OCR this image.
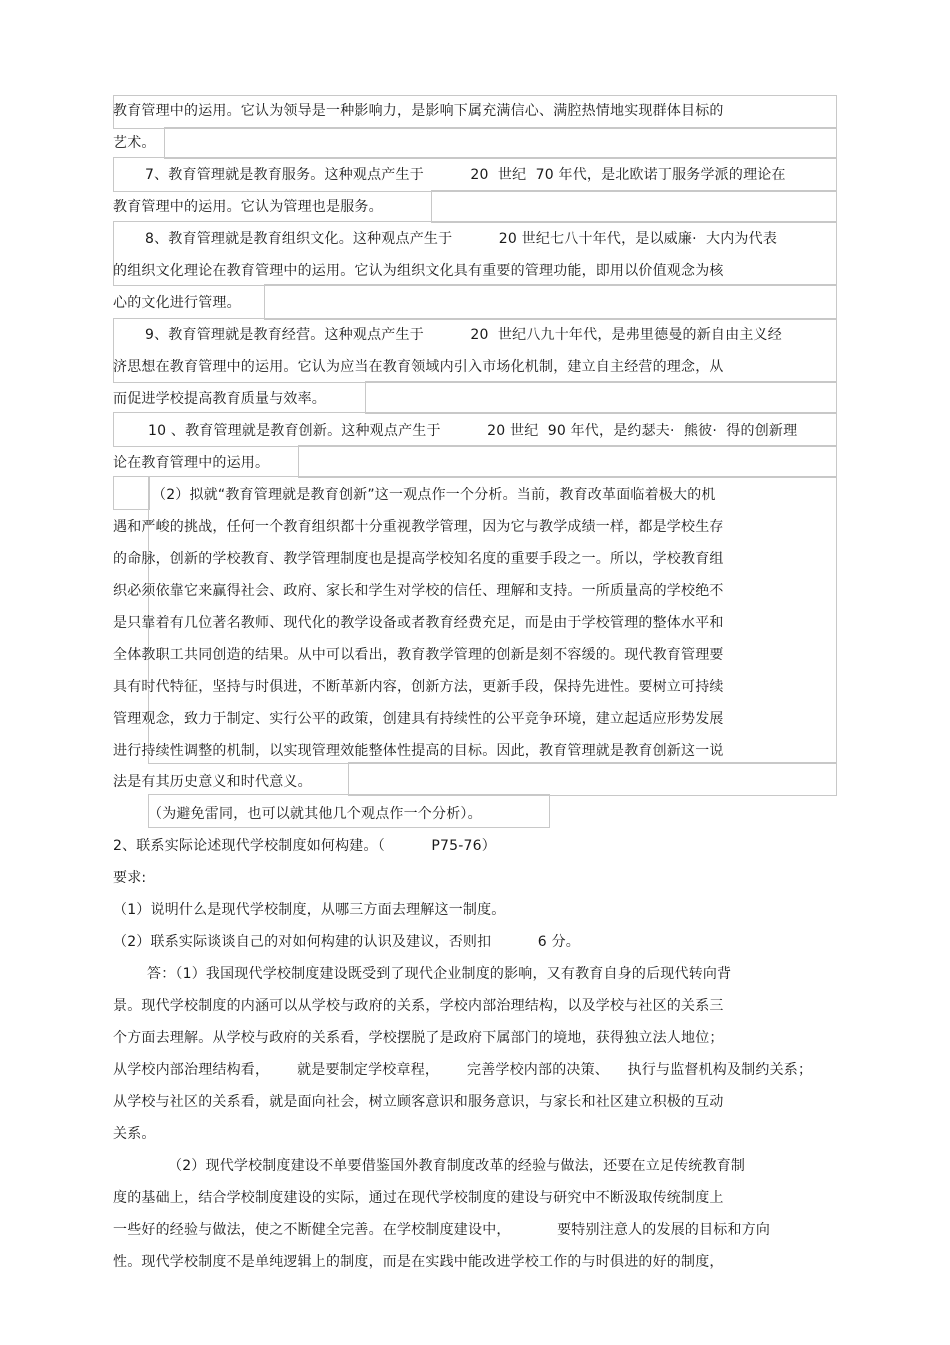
教育管理中的运用。它认为领导是一种影响力，是影响下属充满信心、满腔热情地实现群体目标的
艺术。
7、教育管理就是教育服务。这种观点产生于          20  世纪  70 年代，是北欧诺丁服务学派的理论在
教育管理中的运用。它认为管理也是服务。
8、教育管理就是教育组织文化。这种观点产生于          20 世纪七八十年代，是以威廉·  大内为代表
的组织文化理论在教育管理中的运用。它认为组织文化具有重要的管理功能，即用以价值观念为核
心的文化进行管理。
9、教育管理就是教育经营。这种观点产生于          20  世纪八九十年代，是弗里德曼的新自由主义经
济思想在教育管理中的运用。它认为应当在教育领域内引入市场化机制，建立自主经营的理念，从
而促进学校提高教育质量与效率。
10 、教育管理就是教育创新。这种观点产生于          20 世纪  90 年代，是约瑟夫·  熊彼·  得的创新理
论在教育管理中的运用。
（2）拟就“教育管理就是教育创新”这一观点作一个分析。当前，教育改革面临着极大的机
遇和严峻的挑战，任何一个教育组织都十分重视教学管理，因为它与教学成绩一样，都是学校生存
的命脉，创新的学校教育、教学管理制度也是提高学校知名度的重要手段之一。所以，学校教育组
织必须依靠它来赢得社会、政府、家长和学生对学校的信任、理解和支持。一所质量高的学校绝不
是只靠着有几位著名教师、现代化的教学设备或者教育经费充足，而是由于学校管理的整体水平和
全体教职工共同创造的结果。从中可以看出，教育教学管理的创新是刻不容缓的。现代教育管理要
具有时代特征，坚持与时俱进，不断革新内容，创新方法，更新手段，保持先进性。要树立可持续
管理观念，致力于制定、实行公平的政策，创建具有持续性的公平竞争环境，建立起适应形势发展
进行持续性调整的机制，以实现管理效能整体性提高的目标。因此，教育管理就是教育创新这一说
法是有其历史意义和时代意义。
（为避免雷同，也可以就其他几个观点作一个分析）。
2、联系实际论述现代学校制度如何构建。（          P75-76）
要求:
（1）说明什么是现代学校制度，从哪三方面去理解这一制度。
（2）联系实际谈谈自己的对如何构建的认识及建议，否则扣          6 分。
答：（1）我国现代学校制度建设既受到了现代企业制度的影响，又有教育自身的后现代转向背
景。现代学校制度的内涵可以从学校与政府的关系，学校内部治理结构，以及学校与社区的关系三
个方面去理解。从学校与政府的关系看，学校摆脱了是政府下属部门的境地，获得独立法人地位；
从学校内部治理结构看，      就是要制定学校章程，      完善学校内部的决策、    执行与监督机构及制约关系；
从学校与社区的关系看，就是面向社会，树立顾客意识和服务意识，与家长和社区建立积极的互动
关系。
（2）现代学校制度建设不单要借鉴国外教育制度改革的经验与做法，还要在立足传统教育制
度的基础上，结合学校制度建设的实际，通过在现代学校制度的建设与研究中不断汲取传统制度上
一些好的经验与做法，使之不断健全完善。在学校制度建设中，          要特别注意人的发展的目标和方向
性。现代学校制度不是单纯逻辑上的制度，而是在实践中能改进学校工作的与时俱进的好的制度，
